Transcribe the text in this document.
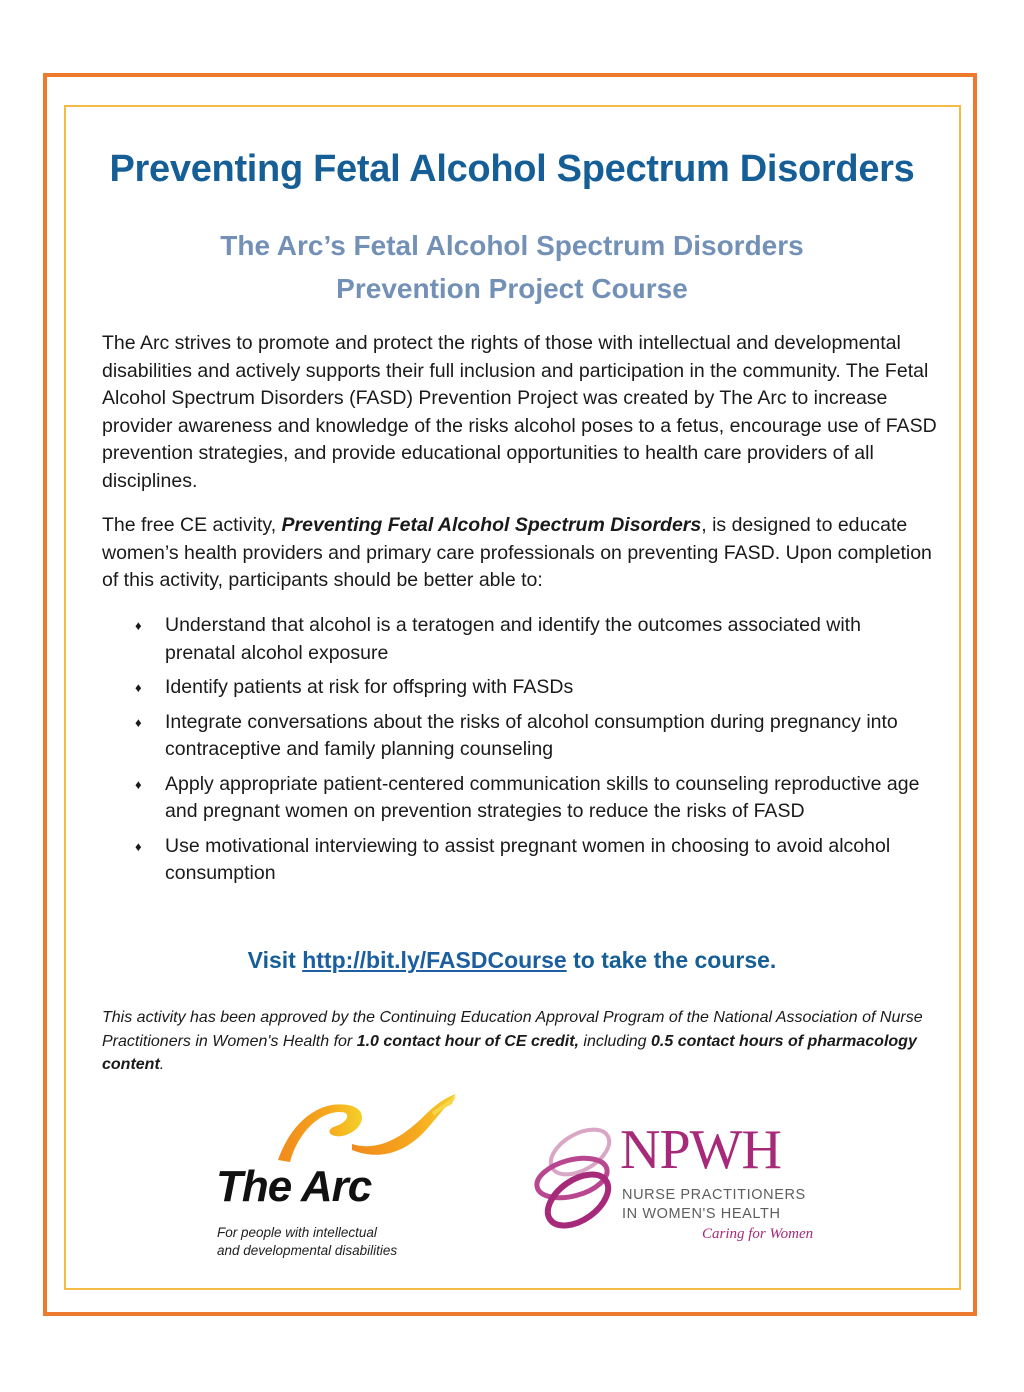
Preventing Fetal Alcohol Spectrum Disorders
The Arc’s Fetal Alcohol Spectrum Disorders
Prevention Project Course

The Arc strives to promote and protect the rights of those with intellectual and developmental disabilities and actively supports their full inclusion and participation in the community. The Fetal Alcohol Spectrum Disorders (FASD) Prevention Project was created by The Arc to increase provider awareness and knowledge of the risks alcohol poses to a fetus, encourage use of FASD prevention strategies, and provide educational opportunities to health care providers of all disciplines.

The free CE activity, Preventing Fetal Alcohol Spectrum Disorders, is designed to educate women’s health providers and primary care professionals on preventing FASD. Upon completion of this activity, participants should be better able to:

♦ Understand that alcohol is a teratogen and identify the outcomes associated with prenatal alcohol exposure
♦ Identify patients at risk for offspring with FASDs
♦ Integrate conversations about the risks of alcohol consumption during pregnancy into contraceptive and family planning counseling
♦ Apply appropriate patient-centered communication skills to counseling reproductive age and pregnant women on prevention strategies to reduce the risks of FASD
♦ Use motivational interviewing to assist pregnant women in choosing to avoid alcohol consumption
Visit http://bit.ly/FASDCourse to take the course.

This activity has been approved by the Continuing Education Approval Program of the National Association of Nurse Practitioners in Women's Health for 1.0 contact hour of CE credit, including 0.5 contact hours of pharmacology content.

The Arc
For people with intellectual
and developmental disabilities
NPWH
NURSE PRACTITIONERS
IN WOMEN'S HEALTH
Caring for Women
